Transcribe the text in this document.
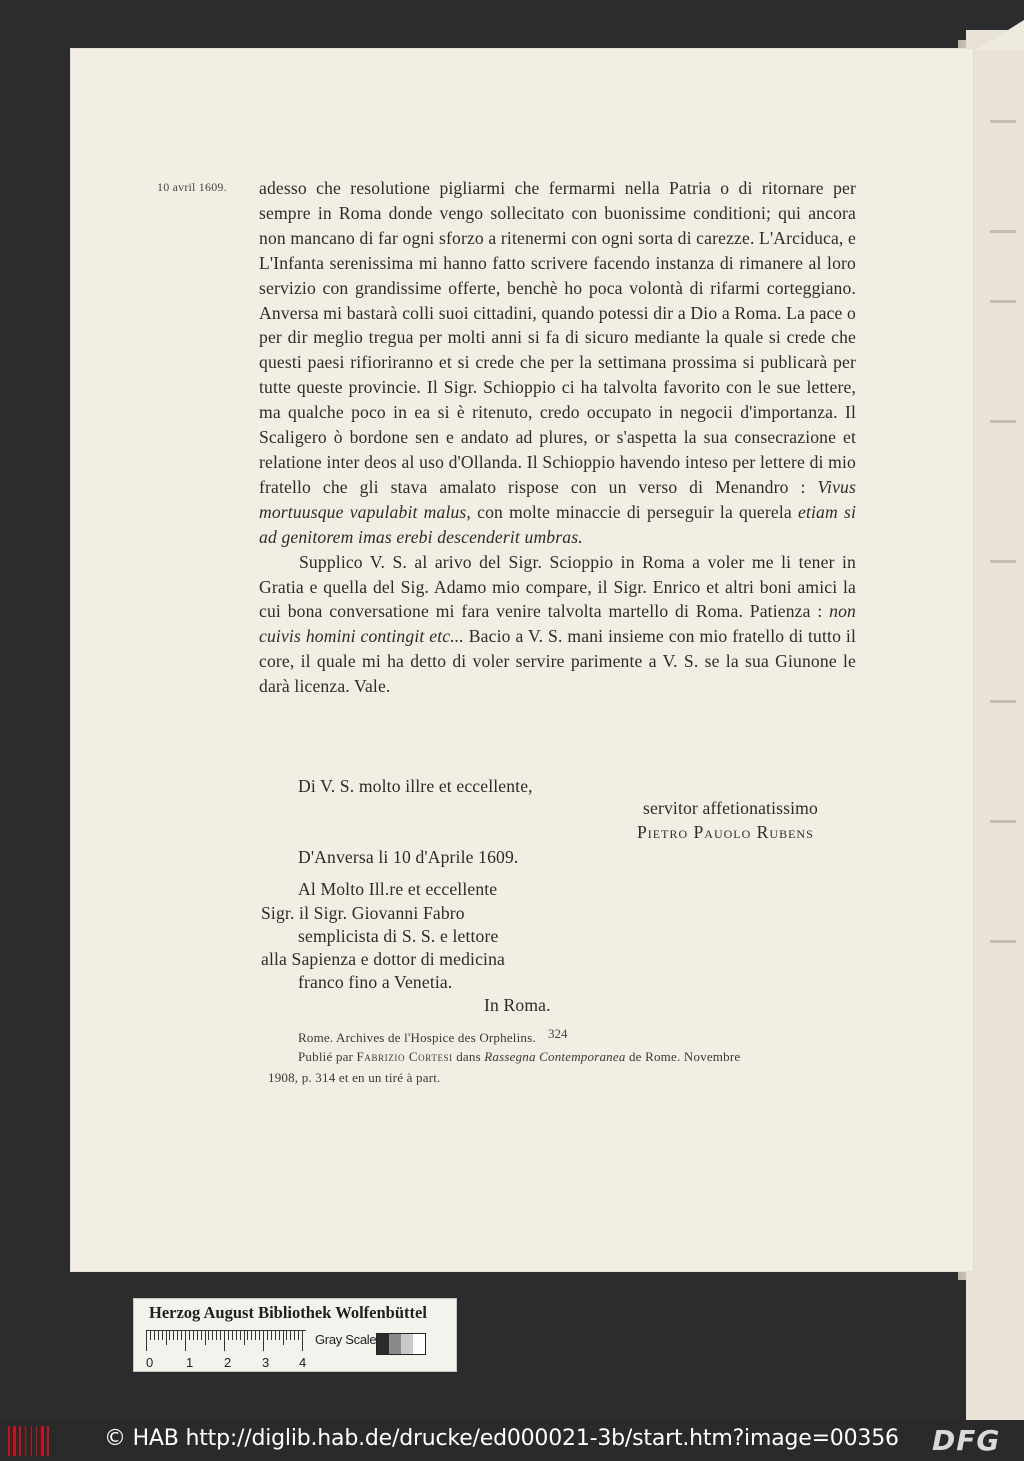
10 avril 1609. adesso che resolutione pigliarmi che fermarmi nella Patria o di ritornare per sempre in Roma donde vengo sollecitato con buonissime conditioni; qui ancora non mancano di far ogni sforzo a ritenermi con ogni sorta di carezze. L'Arciduca, e L'Infanta serenissima mi hanno fatto scrivere facendo instanza di rimanere al loro servizio con grandissime offerte, benchè ho poca volontà di rifarmi corteggiano. Anversa mi bastarà colli suoi cittadini, quando potessi dir a Dio a Roma. La pace o per dir meglio tregua per molti anni si fa di sicuro mediante la quale si crede che questi paesi rifioriranno et si crede che per la settimana prossima si publicarà per tutte queste provincie. Il Sigr. Schioppio ci ha talvolta favorito con le sue lettere, ma qualche poco in ea si è ritenuto, credo occupato in negocii d'importanza. Il Scaligero ò bordone sen e andato ad plures, or s'aspetta la sua consecrazione et relatione inter deos al uso d'Ollanda. Il Schioppio havendo inteso per lettere di mio fratello che gli stava amalato rispose con un verso di Menandro : Vivus mortuusque vapulabit malus, con molte minaccie di perseguir la querela etiam si ad genitorem imas erebi descenderit umbras.

Supplico V. S. al arivo del Sigr. Scioppio in Roma a voler me li tener in Gratia e quella del Sig. Adamo mio compare, il Sigr. Enrico et altri boni amici la cui bona conversatione mi fara venire talvolta martello di Roma. Patienza : non cuivis homini contingit etc... Bacio a V. S. mani insieme con mio fratello di tutto il core, il quale mi ha detto di voler servire parimente a V. S. se la sua Giunone le darà licenza. Vale.

Di V. S. molto illre et eccellente,
servitor affetionatissimo
Pietro Pauolo Rubens
D'Anversa li 10 d'Aprile 1609.
Al Molto Ill.re et eccellente
Sigr. il Sigr. Giovanni Fabro
semplicista di S. S. e lettore
alla Sapienza e dottor di medicina
franco fino a Venetia.
In Roma.
Rome. Archives de l'Hospice des Orphelins.
Publié par Fabrizio Cortesi dans Rassegna Contemporanea de Rome. Novembre
1908, p. 314 et en un tiré à part.
324
Herzog August Bibliothek Wolfenbüttel
0	1 2 3 4
Gray Scale
© HAB http://diglib.hab.de/drucke/ed000021-3b/start.htm?image=00356 DFG
